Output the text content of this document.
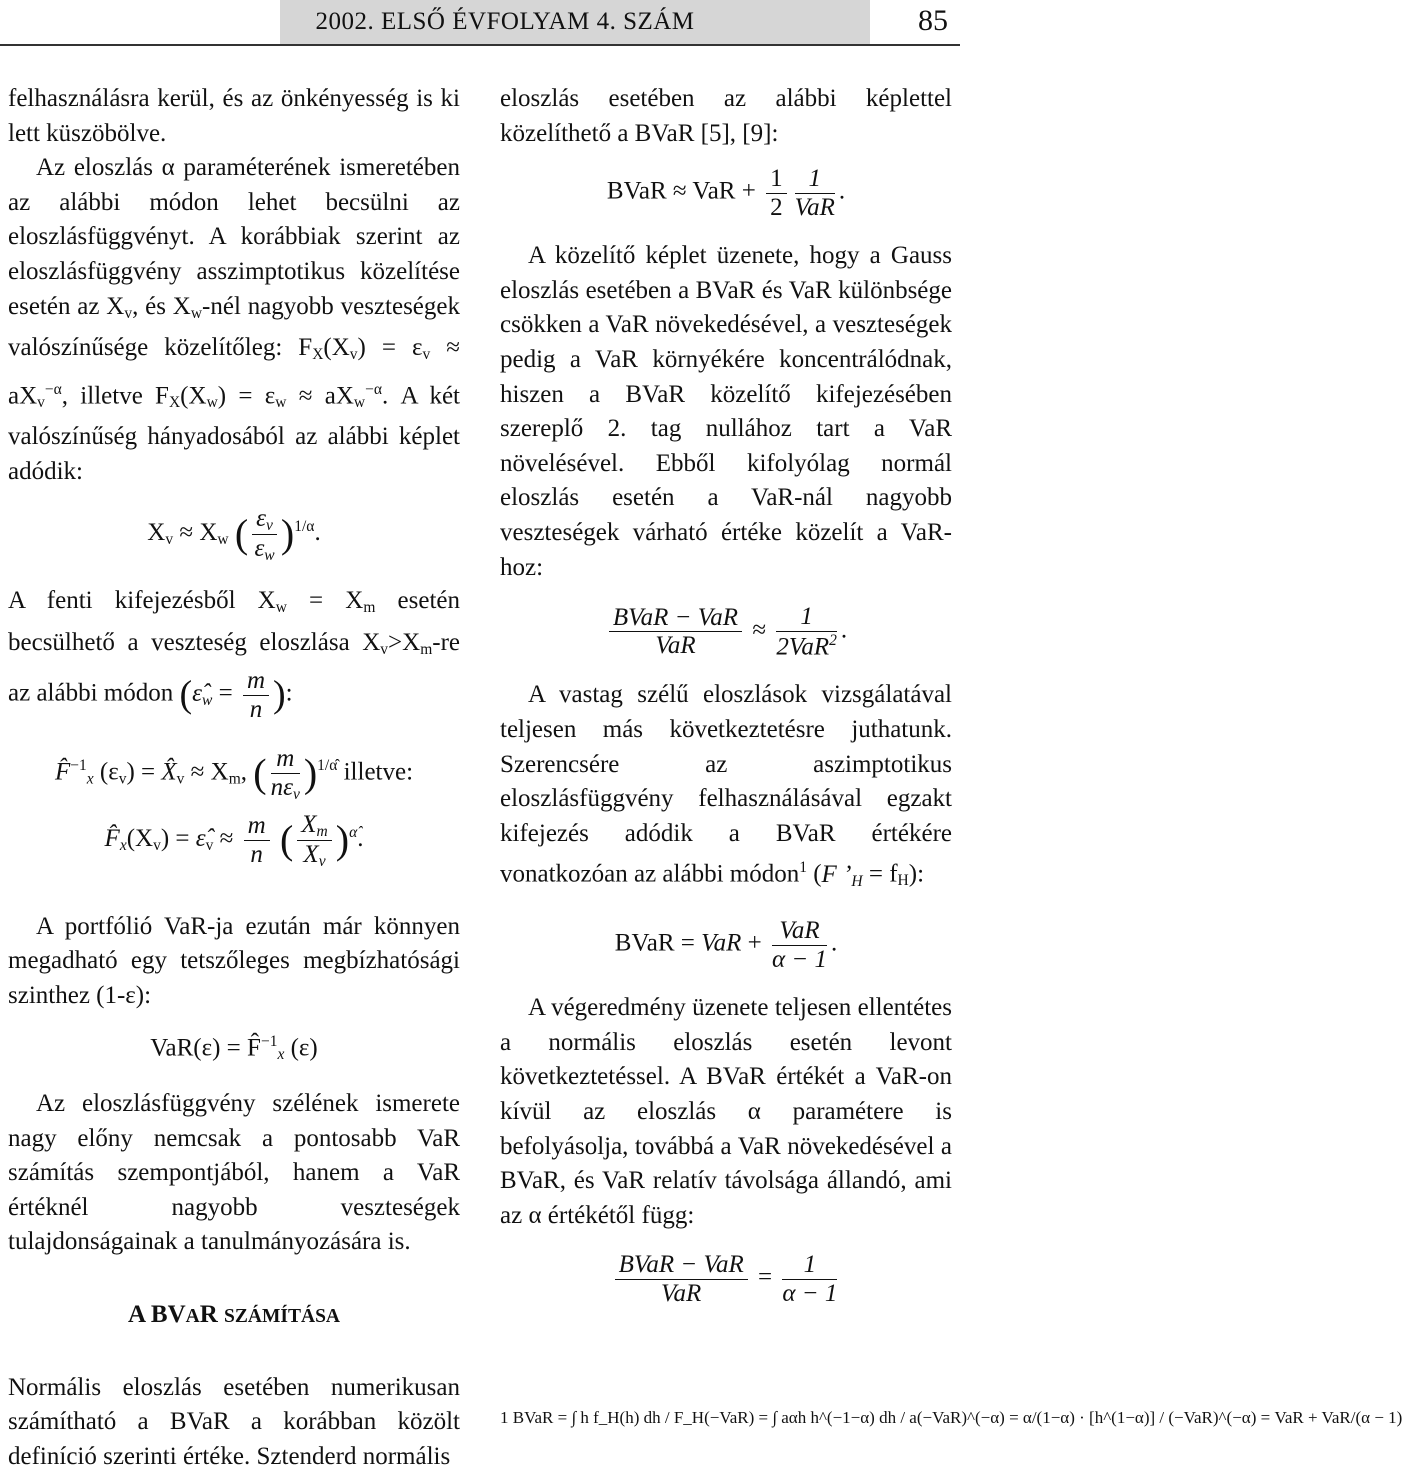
2002. ELSŐ ÉVFOLYAM 4. SZÁM	85

felhasználásra kerül, és az önkényesség is ki lett küszöbölve.

Az eloszlás α paraméterének ismeretében az alábbi módon lehet becsülni az eloszlásfüggvényt. A korábbiak szerint az eloszlásfüggvény asszimptotikus közelítése esetén az $X_v$, és $X_w$-nél nagyobb veszteségek valószínűsége közelítőleg: $F_X(X_v) = \varepsilon_v \approx aX_v^{-\alpha}$, illetve $F_X(X_w) = \varepsilon_w \approx aX_w^{-\alpha}$. A két valószínűség hányadosából az alábbi képlet adódik:

$X_v \approx X_w$ ( $\frac{\varepsilon_v}{\varepsilon_w} )^{1/\alpha}$.

A fenti kifejezésből $X_w = X_m$ esetén becsülhető a veszteség eloszlása $X_v>X_m-re$ az alábbi módon ($\varepsilon̂_w = \frac{m}{n}$ ):

F̂$^{-1}_x$ $(\varepsilon_v)$ = $X̂_v \approx X_m$, ( $\frac{m}{n\varepsilon_v} )^{1/\alphâ}$ illetve:
$F̂_x(X_v)$ = $\varepsilon̂_v \approx \frac{m}{n}$ ( $\frac{X_m}{X_v} )^{\alphâ}$.

A portfólió VaR-ja ezután már könnyen megadható egy tetszőleges megbízhatósági szinthez (1-ε):

VaR(ε) = F̂$^{-1}_x$ (ε)

Az eloszlásfüggvény szélének ismerete nagy előny nemcsak a pontosabb VaR számítás szempontjából, hanem a VaR értéknél nagyobb veszteségek tulajdonságainak a tanulmányozására is.

A BVAR SZÁMÍTÁSA

Normális eloszlás esetében numerikusan számítható a BVaR a korábban közölt definíció szerinti értéke. Sztenderd normális

eloszlás esetében az alábbi képlettel közelíthető a BVaR [5], [9]:

BVaR ≈ VaR + $\frac{1}{2} \frac{1}{\text{VaR}}$ .

A közelítő képlet üzenete, hogy a Gauss eloszlás esetében a BVaR és VaR különbsége csökken a VaR növekedésével, a veszteségek pedig a VaR környékére koncentrálódnak, hiszen a BVaR közelítő kifejezésében szereplő 2. tag nullához tart a VaR növelésével. Ebből kifolyólag normál eloszlás esetén a VaR-nál nagyobb veszteségek várható értéke közelít a VaR-hoz:

$\frac{\text{BVaR − VaR}}{\text{VaR}} \approx \frac{1}{2VaR^2}$ .

A vastag szélű eloszlások vizsgálatával teljesen más következtetésre juthatunk. Szerencsére az aszimptotikus eloszlásfüggvény felhasználásával egzakt kifejezés adódik a BVaR értékére vonatkozóan az alábbi módon$^1$ (F $’_H = f_H$):

BVaR = VaR + $\frac{\text{VaR}}{\alpha - 1}$ .

A végeredmény üzenete teljesen ellentétes a normális eloszlás esetén levont következtetéssel. A BVaR értékét a VaR-on kívül az eloszlás α paramétere is befolyásolja, továbbá a VaR növekedésével a BVaR, és VaR relatív távolsága állandó, ami az α értékétől függ:

$\frac{\text{BVaR − VaR}}{\text{VaR}} = \frac{1}{\alpha - 1}$
1 BVaR = ∫ h f_H(h) dh / F_H(−VaR) = ∫ aαh h^(−1−α) dh / a(−VaR)^(−α) = α/(1−α) · [h^(1−α)] / (−VaR)^(−α) = VaR + VaR/(α − 1)
